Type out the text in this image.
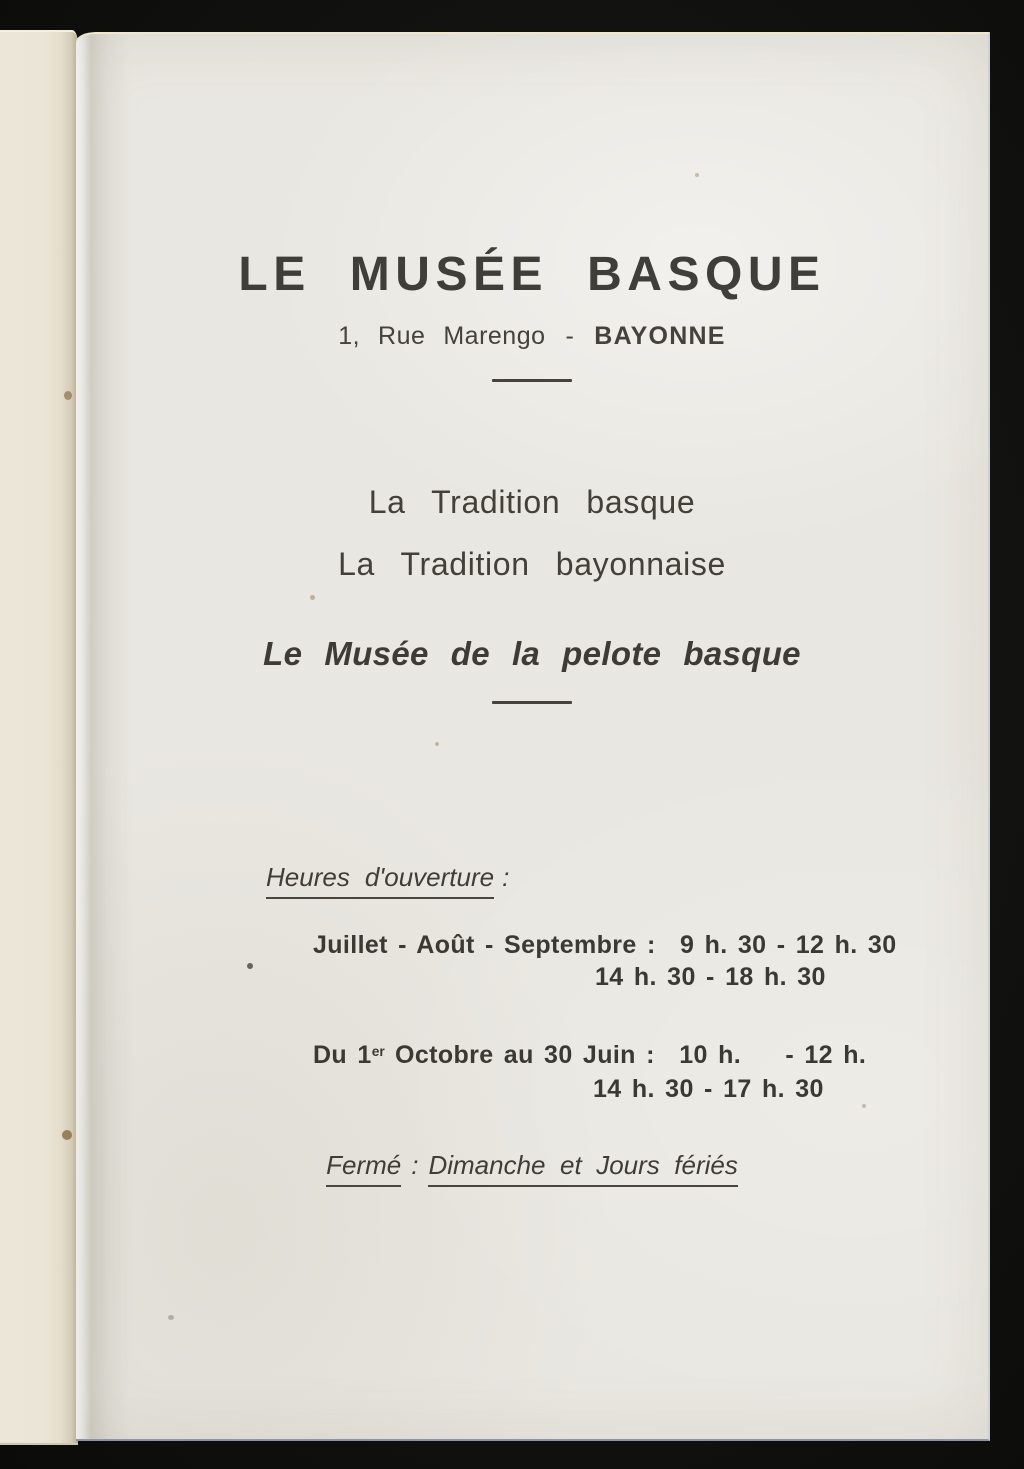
LE MUSÉE BASQUE
1, Rue Marengo - BAYONNE
La Tradition basque
La Tradition bayonnaise
Le Musée de la pelote basque
Heures d'ouverture :
Juillet - Août - Septembre : 9 h. 30 - 12 h. 30
14 h. 30 - 18 h. 30
Du 1er Octobre au 30 Juin : 10 h. - 12 h.
14 h. 30 - 17 h. 30
Fermé : Dimanche et Jours fériés
